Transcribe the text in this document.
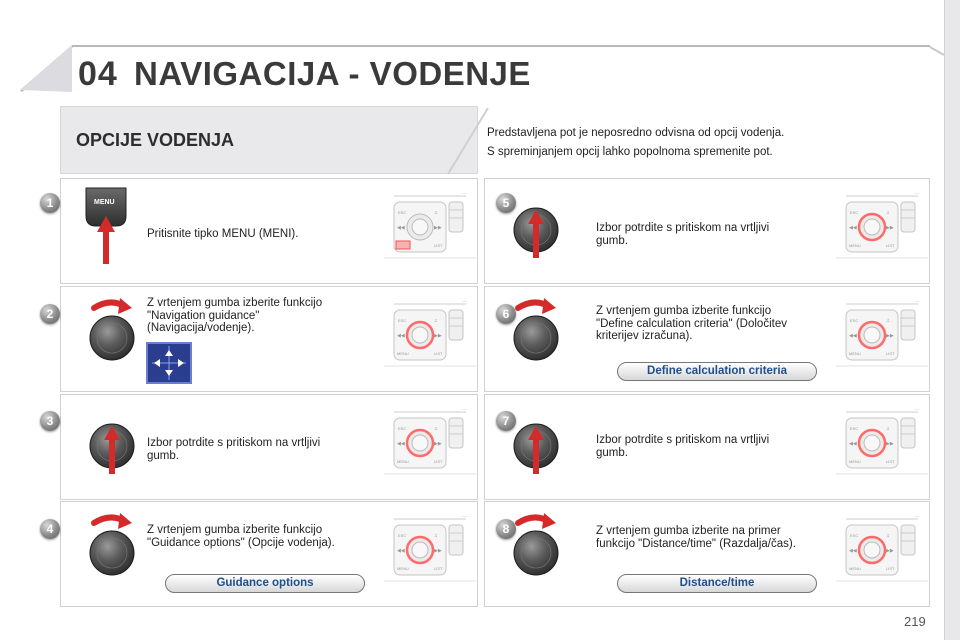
04 NAVIGACIJA - VODENJE
OPCIJE VODENJA	Predstavljena pot je neposredno odvisna od opcij vodenja.
S spreminjanjem opcij lahko popolnoma spremenite pot.
1
Pritisnite tipko MENU (MENI).
MENU
2
Z vrtenjem gumba izberite funkcijo
"Navigation guidance"
(Navigacija/vodenje).
3
Izbor potrdite s pritiskom na vrtljivi
gumb.
4	Z vrtenjem gumba izberite funkcijo
"Guidance options" (Opcije vodenja).
Guidance options
5
Izbor potrdite s pritiskom na vrtljivi
gumb.
6	Z vrtenjem gumba izberite funkcijo
"Define calculation criteria" (Določitev
kriterijev izračuna).
Define calculation criteria
7
Izbor potrdite s pritiskom na vrtljivi
gumb.
8	Z vrtenjem gumba izberite na primer
funkcijo "Distance/time" (Razdalja/čas).
Distance/time
219
